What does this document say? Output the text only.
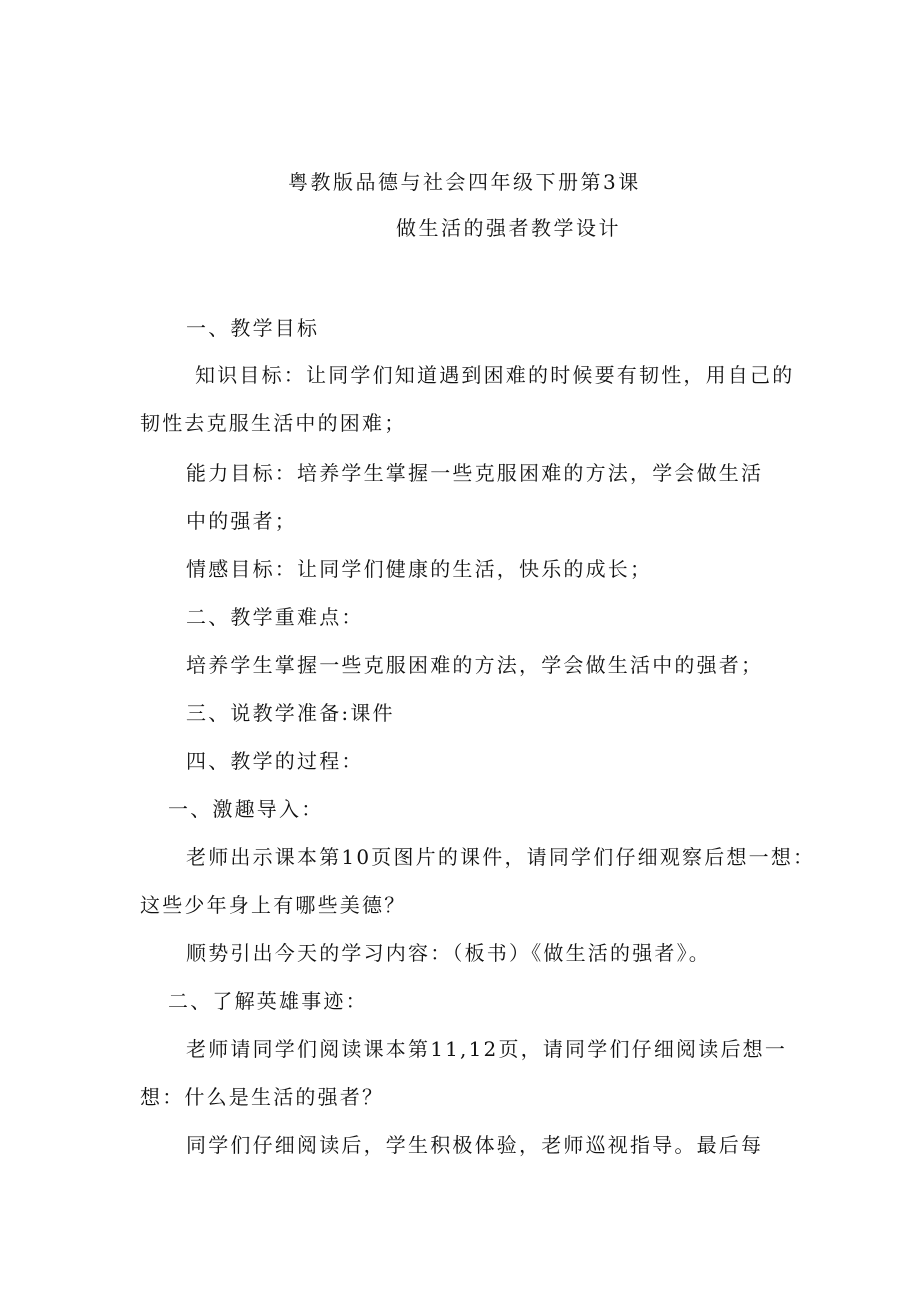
粤教版品德与社会四年级下册第3课
做生活的强者教学设计
一、教学目标
知识目标：让同学们知道遇到困难的时候要有韧性，用自己的
韧性去克服生活中的困难；
能力目标：培养学生掌握一些克服困难的方法，学会做生活
中的强者；
情感目标：让同学们健康的生活，快乐的成长；
二、教学重难点：
培养学生掌握一些克服困难的方法，学会做生活中的强者；
三、说教学准备:课件
四、教学的过程：
一、激趣导入：
老师出示课本第10页图片的课件，请同学们仔细观察后想一想：
这些少年身上有哪些美德？
顺势引出今天的学习内容：（板书）《做生活的强者》。
二、了解英雄事迹：
老师请同学们阅读课本第11,12页，请同学们仔细阅读后想一
想：什么是生活的强者？
同学们仔细阅读后，学生积极体验，老师巡视指导。最后每
